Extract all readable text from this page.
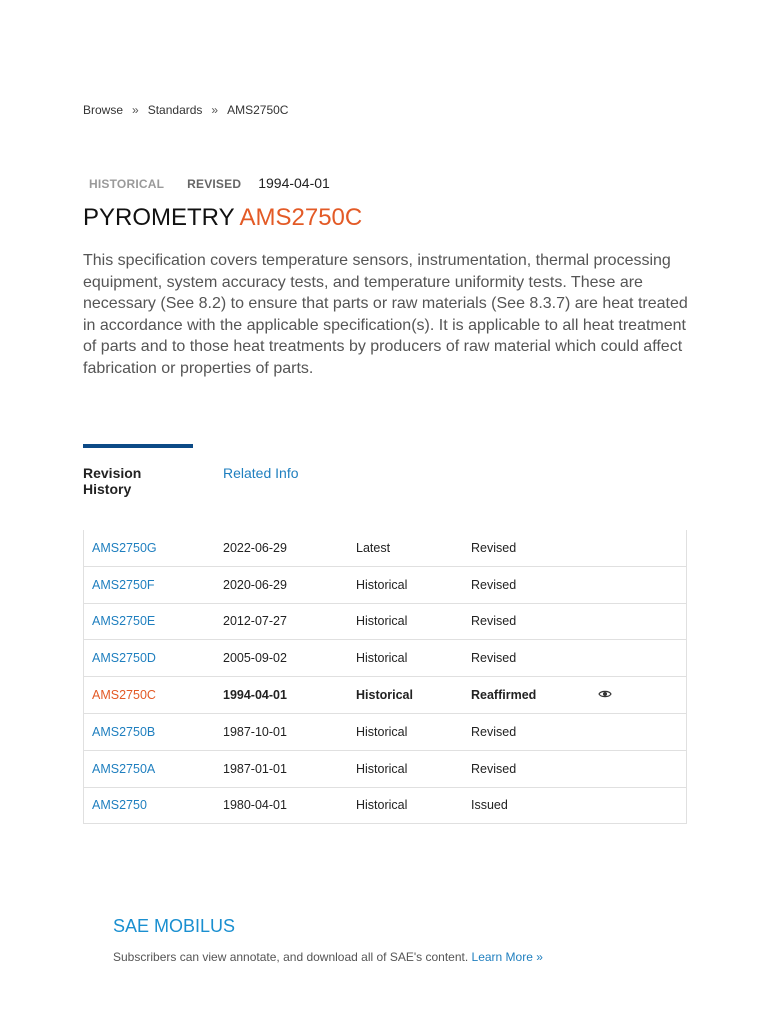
Browse » Standards » AMS2750C
HISTORICAL REVISED 1994-04-01
PYROMETRY AMS2750C

This specification covers temperature sensors, instrumentation, thermal processing equipment, system accuracy tests, and temperature uniformity tests. These are necessary (See 8.2) to ensure that parts or raw materials (See 8.3.7) are heat treated in accordance with the applicable specification(s). It is applicable to all heat treatment of parts and to those heat treatments by producers of raw material which could affect fabrication or properties of parts.

Revision History
Related Info
AMS2750G	2022-06-29	Latest	Revised
AMS2750F	2020-06-29	Historical	Revised
AMS2750E	2012-07-27	Historical	Revised
AMS2750D	2005-09-02	Historical	Revised
AMS2750C	1994-04-01	Historical	Reaffirmed
AMS2750B	1987-10-01	Historical	Revised
AMS2750A	1987-01-01	Historical	Revised
AMS2750	1980-04-01	Historical	Issued
SAE MOBILUS

Subscribers can view annotate, and download all of SAE's content. Learn More »
